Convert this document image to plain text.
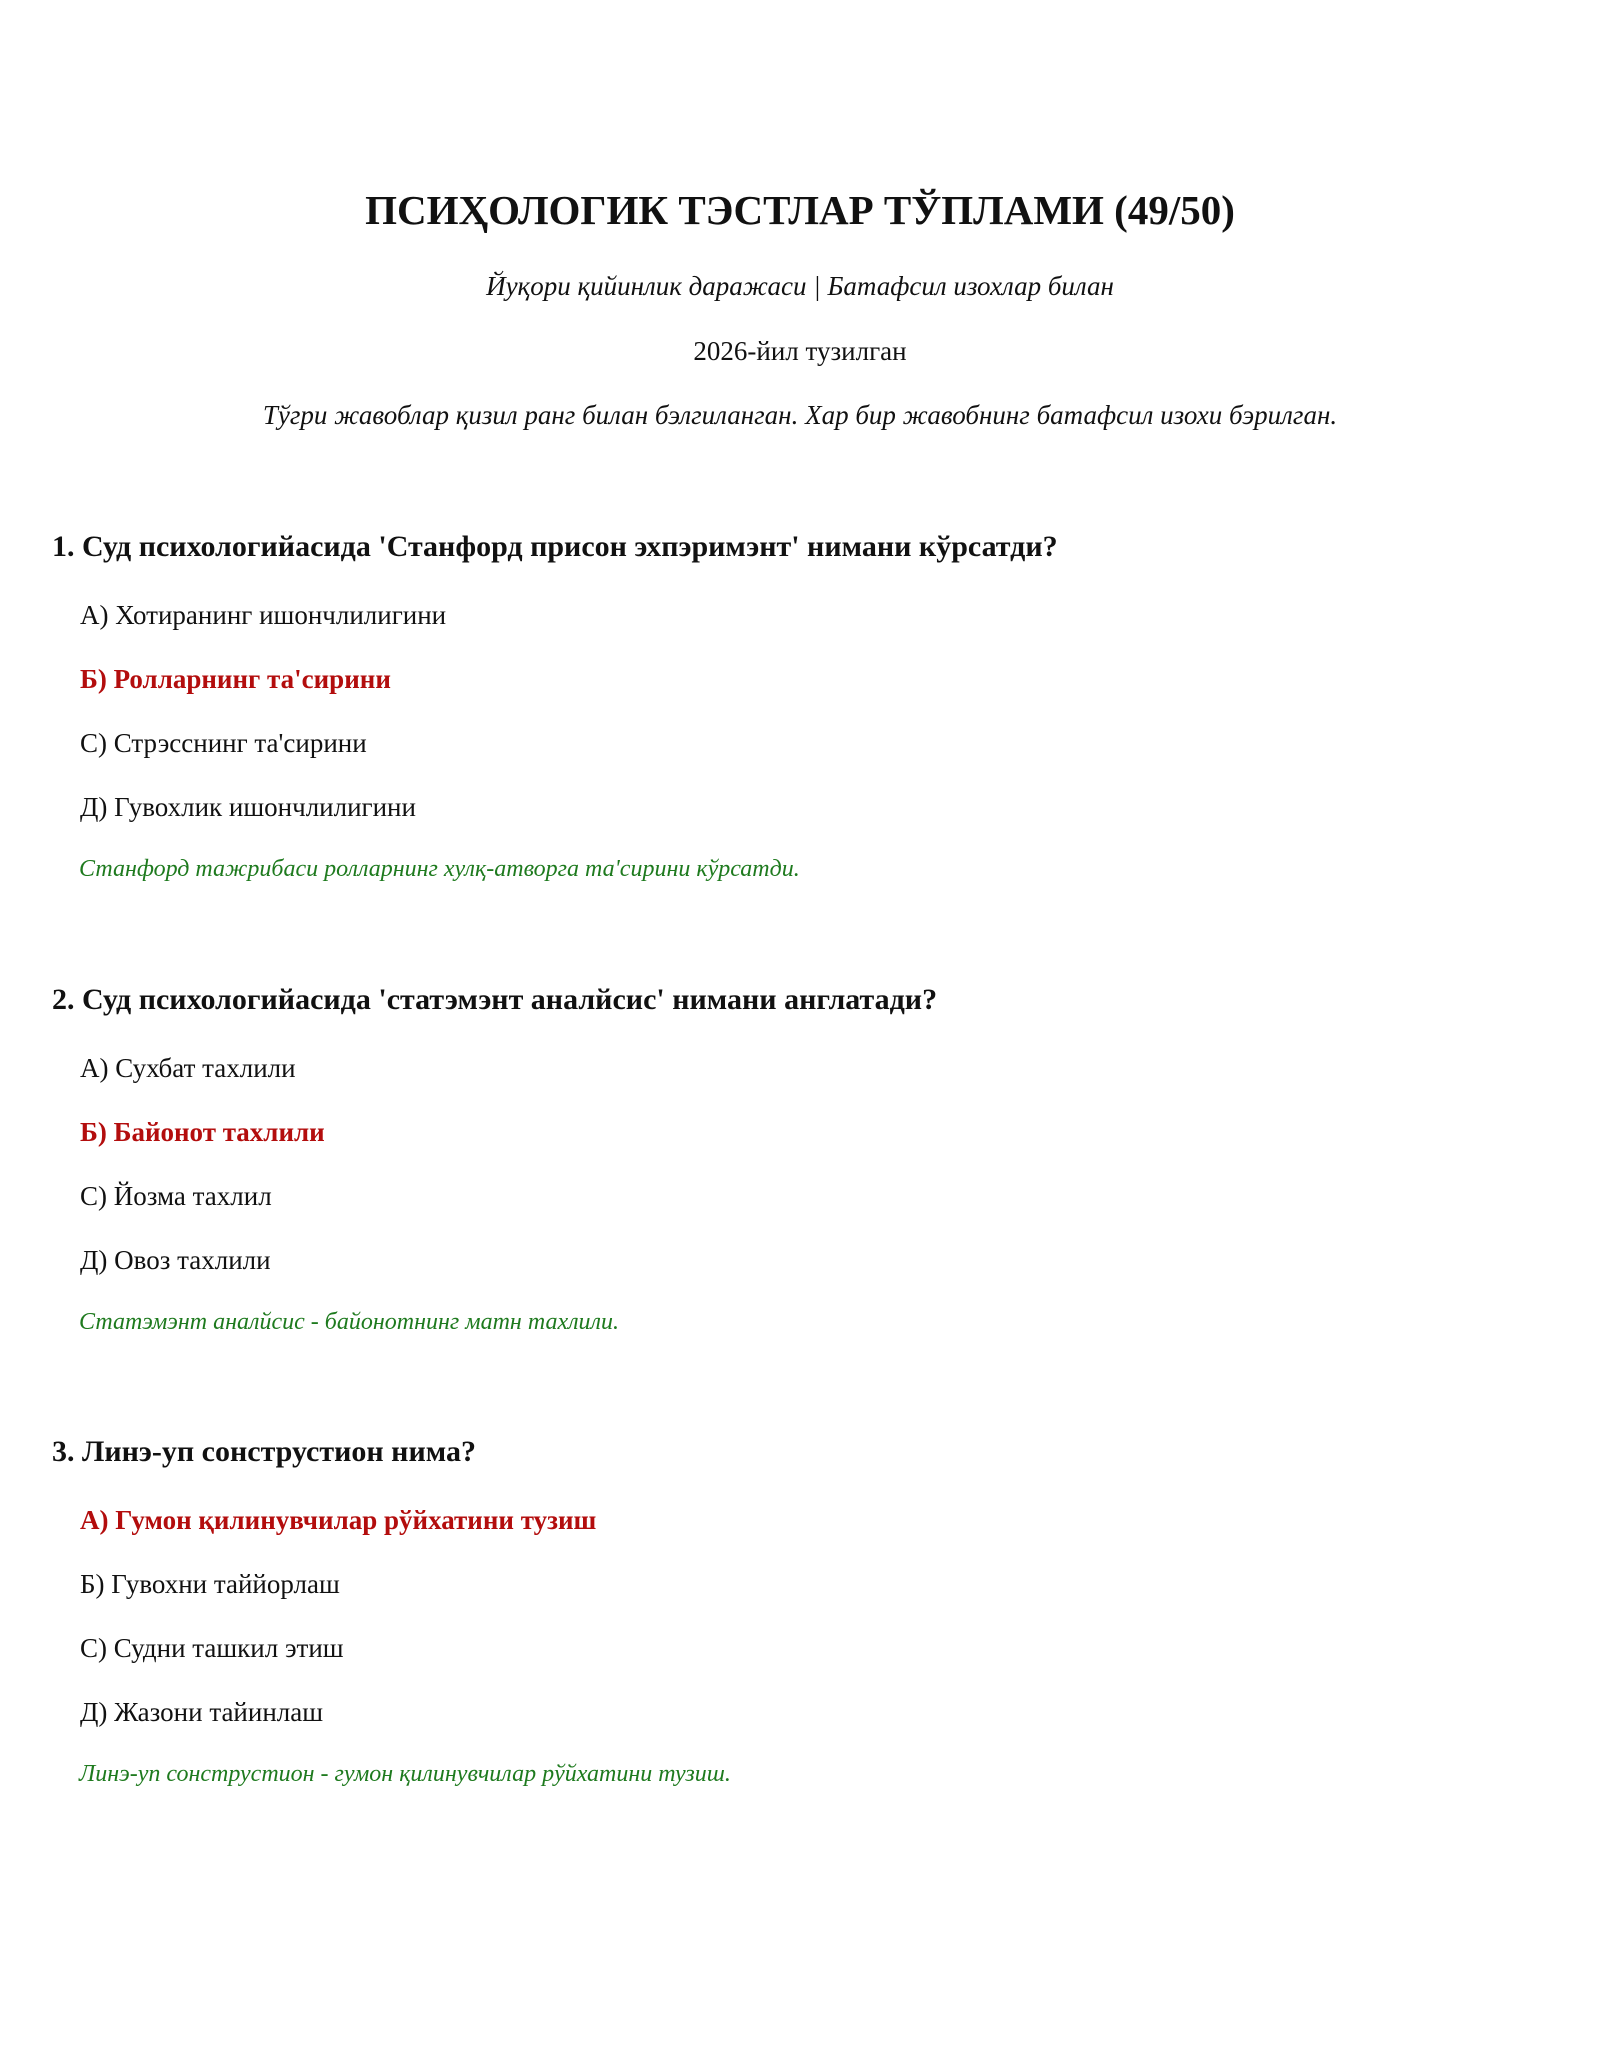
ПСИҲОЛОГИК ТЭСТЛАР ТЎПЛАМИ (49/50)
Йуқори қийинлик даражаси | Батафсил изохлар билан
2026-йил тузилган
Тўгри жавоблар қизил ранг билан бэлгиланган. Хар бир жавобнинг батафсил изохи бэрилган.

1. Суд психологийасида 'Станфорд присон эхпэримэнт' нимани кўрсатди?

А) Хотиранинг ишончлилигини
Б) Ролларнинг та'сирини
С) Стрэсснинг та'сирини
Д) Гувохлик ишончлилигини
Станфорд тажрибаси ролларнинг хулқ-атворга та'сирини кўрсатди.

2. Суд психологийасида 'статэмэнт аналйсис' нимани англатади?

А) Сухбат тахлили
Б) Байонот тахлили
С) Йозма тахлил
Д) Овоз тахлили
Статэмэнт аналйсис - байонотнинг матн тахлили.

3. Линэ-уп сонструстион нима?

А) Гумон қилинувчилар рўйхатини тузиш
Б) Гувохни таййорлаш
С) Судни ташкил этиш
Д) Жазони тайинлаш
Линэ-уп сонструстион - гумон қилинувчилар рўйхатини тузиш.
